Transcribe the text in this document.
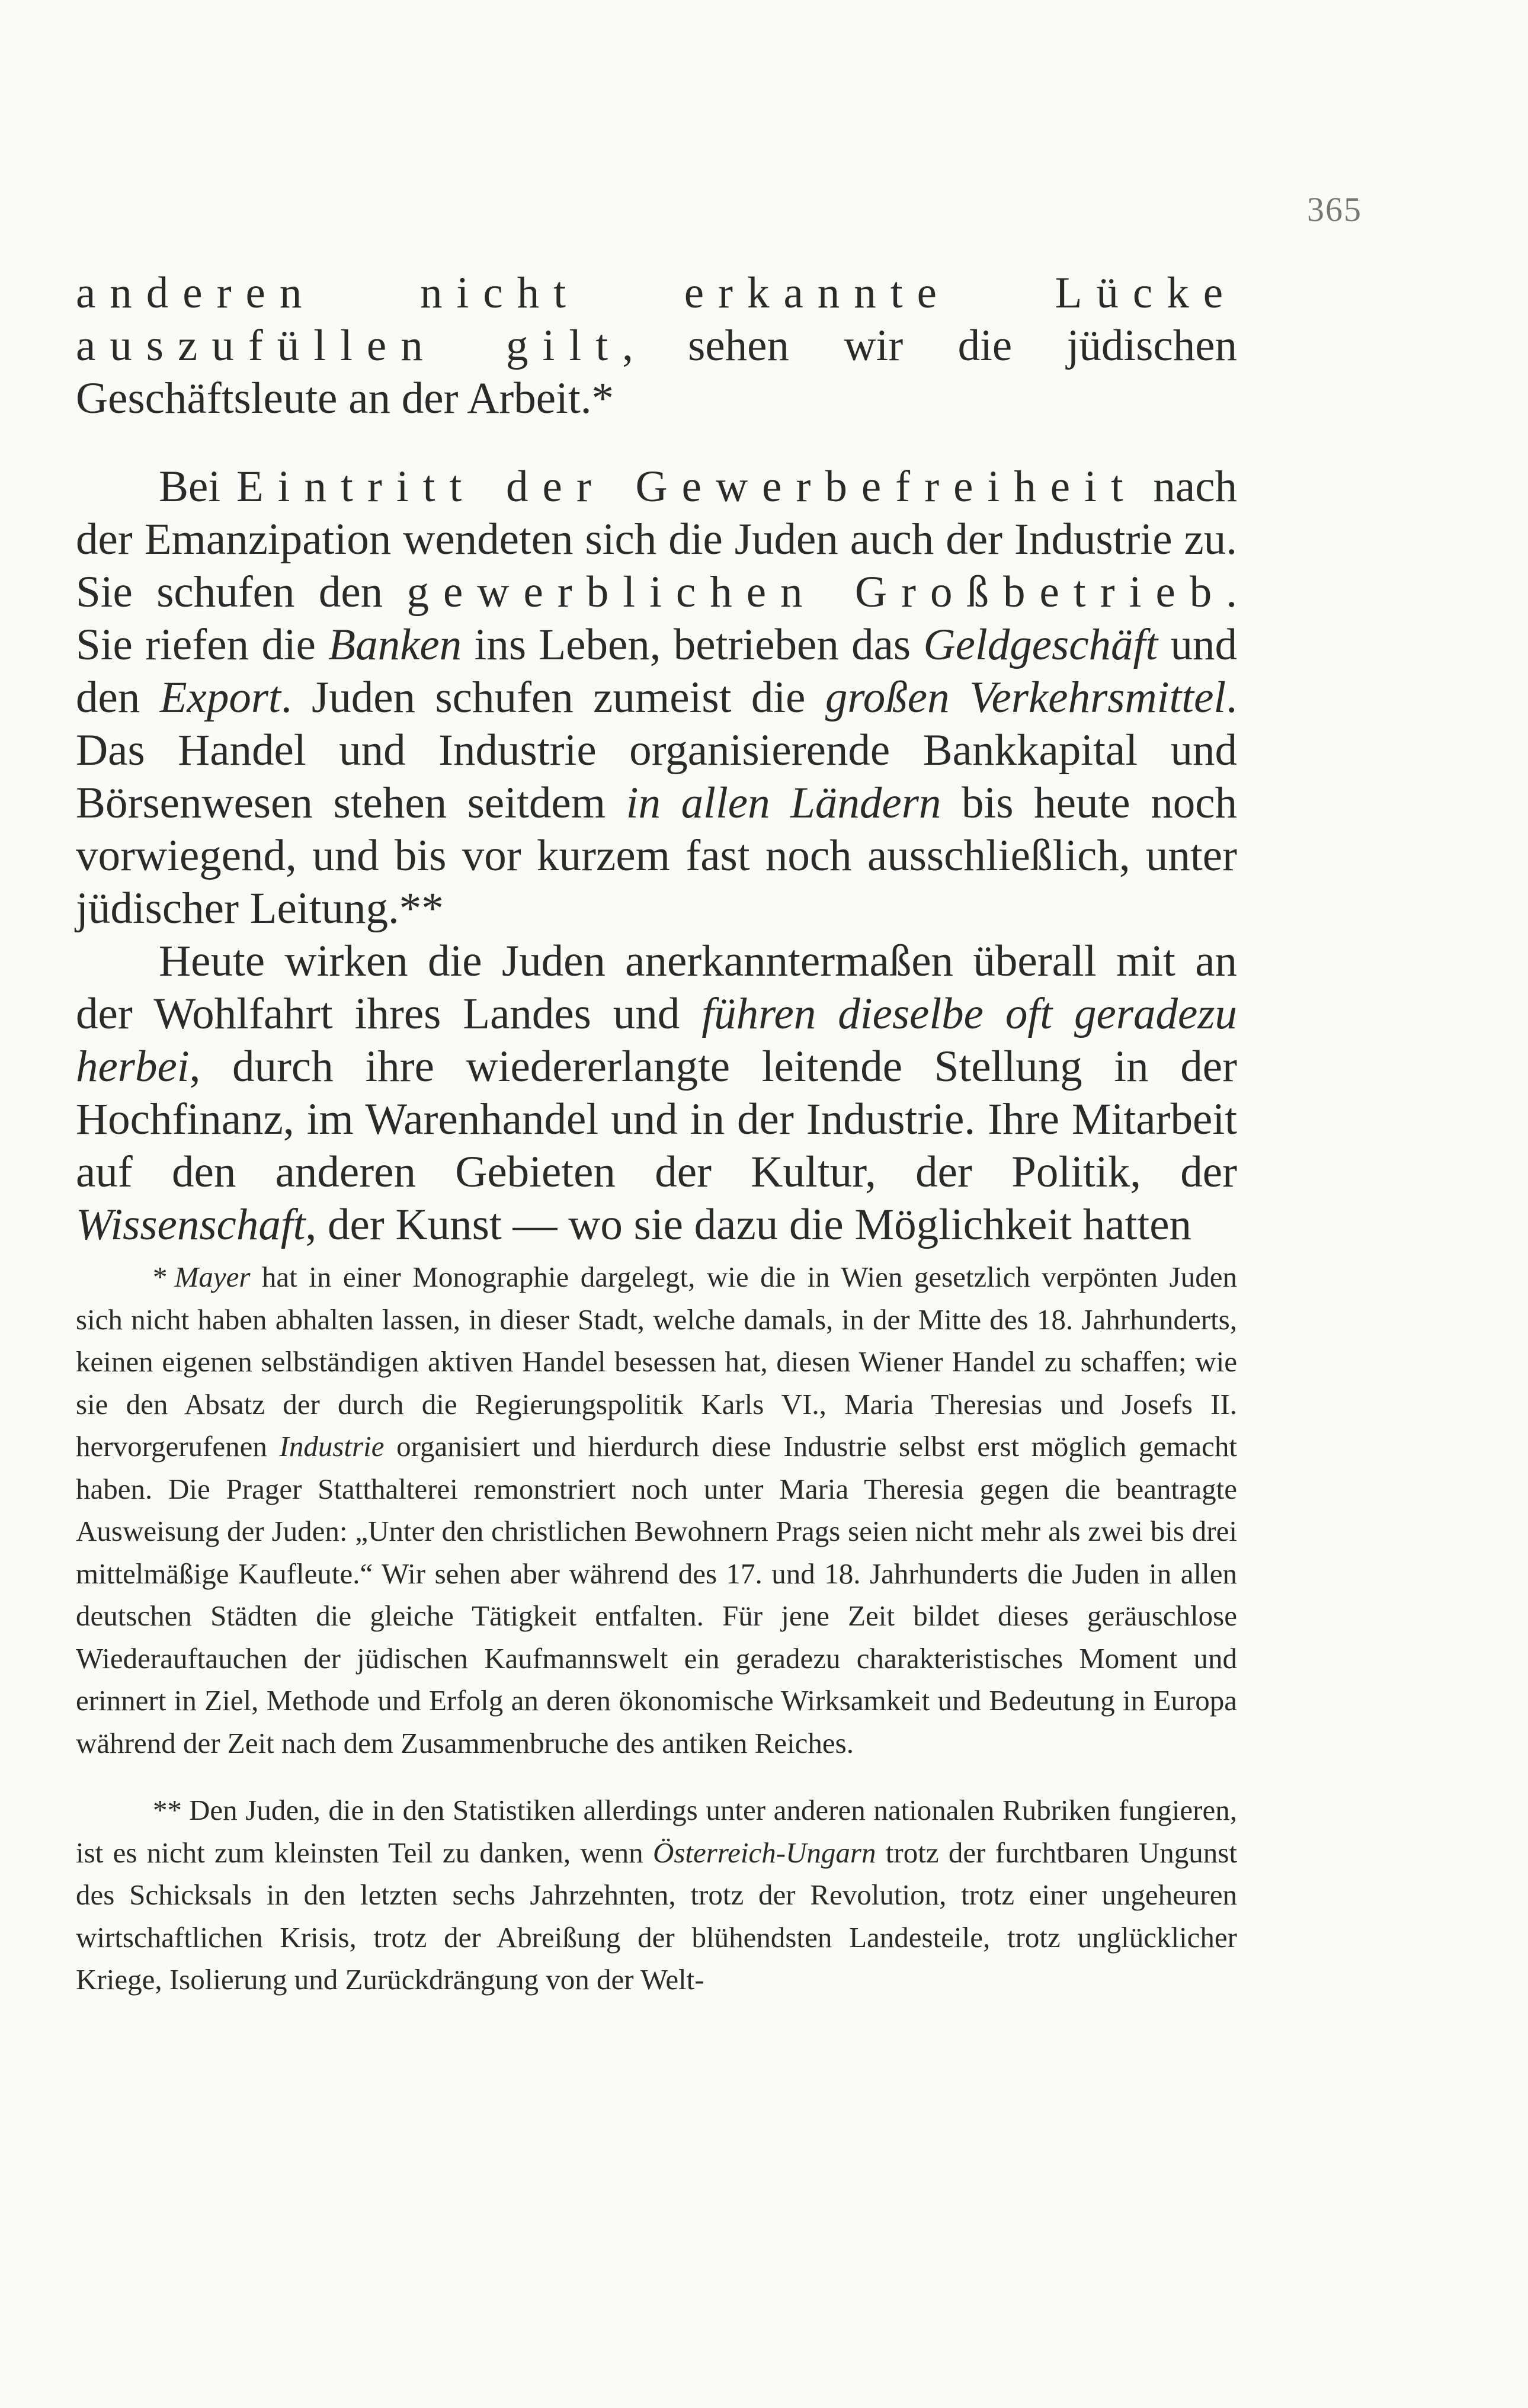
365

anderen nicht erkannte Lücke auszufüllen gilt, sehen wir die jüdischen Geschäftsleute an der Arbeit.*

Bei Eintritt der Gewerbefreiheit nach der Emanzipation wendeten sich die Juden auch der Industrie zu. Sie schufen den gewerblichen Großbetrieb. Sie riefen die Banken ins Leben, betrieben das Geldgeschäft und den Export. Juden schufen zumeist die großen Verkehrsmittel. Das Handel und Industrie organisierende Bankkapital und Börsenwesen stehen seitdem in allen Ländern bis heute noch vorwiegend, und bis vor kurzem fast noch ausschließlich, unter jüdischer Leitung.**

Heute wirken die Juden anerkanntermaßen überall mit an der Wohlfahrt ihres Landes und führen dieselbe oft geradezu herbei, durch ihre wiedererlangte leitende Stellung in der Hochfinanz, im Warenhandel und in der Industrie. Ihre Mitarbeit auf den anderen Gebieten der Kultur, der Politik, der Wissenschaft, der Kunst — wo sie dazu die Möglichkeit hatten

* Mayer hat in einer Monographie dargelegt, wie die in Wien gesetzlich verpönten Juden sich nicht haben abhalten lassen, in dieser Stadt, welche damals, in der Mitte des 18. Jahrhunderts, keinen eigenen selbständigen aktiven Handel besessen hat, diesen Wiener Handel zu schaffen; wie sie den Absatz der durch die Regierungspolitik Karls VI., Maria Theresias und Josefs II. hervorgerufenen Industrie organisiert und hierdurch diese Industrie selbst erst möglich gemacht haben. Die Prager Statthalterei remonstriert noch unter Maria Theresia gegen die beantragte Ausweisung der Juden: „Unter den christlichen Bewohnern Prags seien nicht mehr als zwei bis drei mittelmäßige Kaufleute.“ Wir sehen aber während des 17. und 18. Jahrhunderts die Juden in allen deutschen Städten die gleiche Tätigkeit entfalten. Für jene Zeit bildet dieses geräuschlose Wiederauftauchen der jüdischen Kaufmannswelt ein geradezu charakteristisches Moment und erinnert in Ziel, Methode und Erfolg an deren ökonomische Wirksamkeit und Bedeutung in Europa während der Zeit nach dem Zusammenbruche des antiken Reiches.

** Den Juden, die in den Statistiken allerdings unter anderen nationalen Rubriken fungieren, ist es nicht zum kleinsten Teil zu danken, wenn Österreich-Ungarn trotz der furchtbaren Ungunst des Schicksals in den letzten sechs Jahrzehnten, trotz der Revolution, trotz einer ungeheuren wirtschaftlichen Krisis, trotz der Abreißung der blühendsten Landesteile, trotz unglücklicher Kriege, Isolierung und Zurückdrängung von der Welt-
